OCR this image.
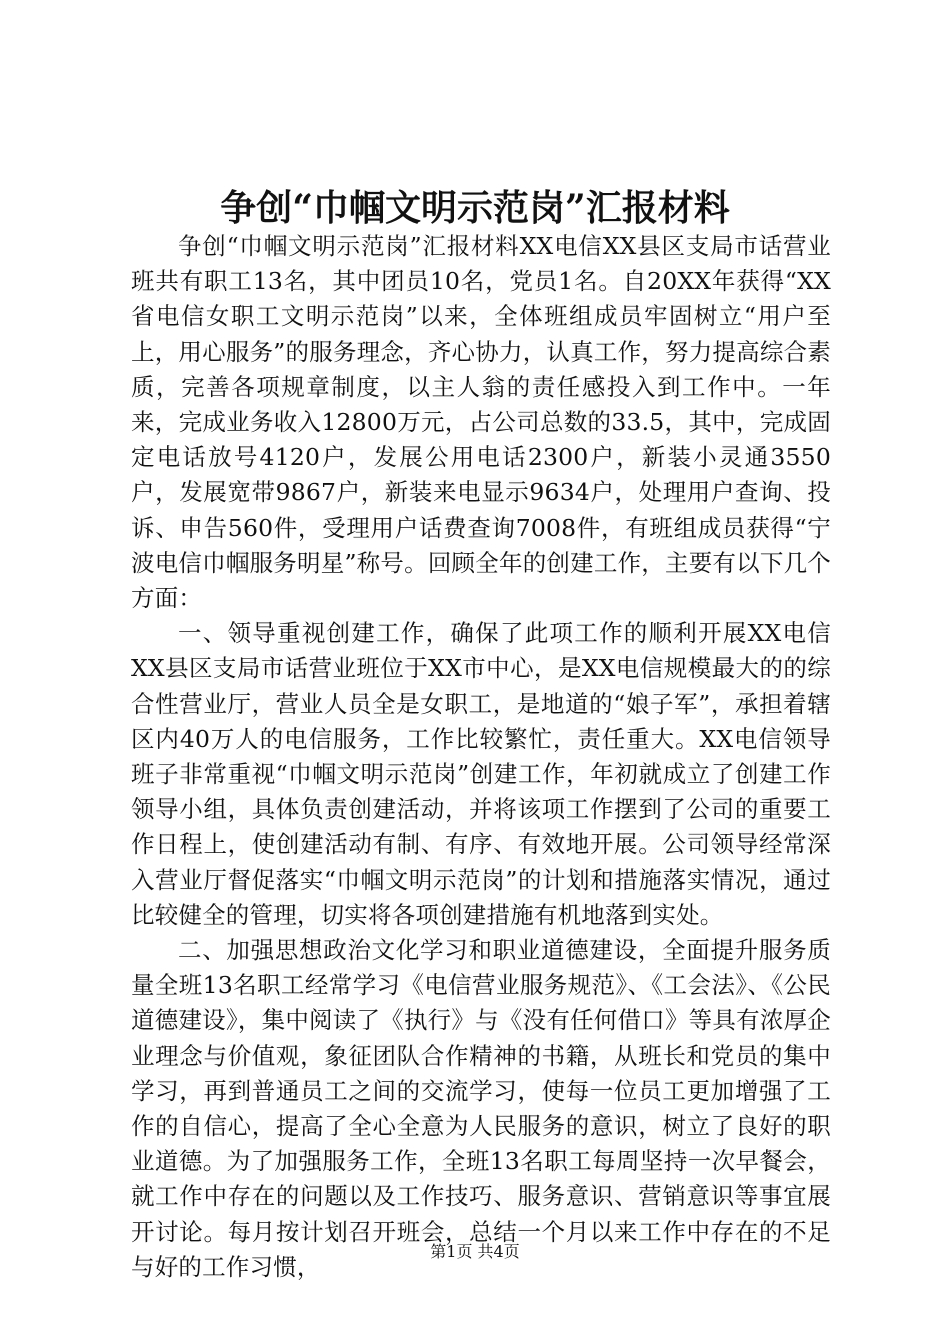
争创“巾帼文明示范岗”汇报材料

争创“巾帼文明示范岗”汇报材料XX电信XX县区支局市话营业班共有职工13名，其中团员10名，党员1名。自20XX年获得“XX省电信女职工文明示范岗”以来，全体班组成员牢固树立“用户至上，用心服务”的服务理念，齐心协力，认真工作，努力提高综合素质，完善各项规章制度，以主人翁的责任感投入到工作中。一年来，完成业务收入12800万元，占公司总数的33.5，其中，完成固定电话放号4120户，发展公用电话2300户，新装小灵通3550户，发展宽带9867户，新装来电显示9634户，处理用户查询、投诉、申告560件，受理用户话费查询7008件，有班组成员获得“宁波电信巾帼服务明星”称号。回顾全年的创建工作，主要有以下几个方面：

一、领导重视创建工作，确保了此项工作的顺利开展XX电信XX县区支局市话营业班位于XX市中心，是XX电信规模最大的的综合性营业厅，营业人员全是女职工，是地道的“娘子军”，承担着辖区内40万人的电信服务，工作比较繁忙，责任重大。XX电信领导班子非常重视“巾帼文明示范岗”创建工作，年初就成立了创建工作领导小组，具体负责创建活动，并将该项工作摆到了公司的重要工作日程上，使创建活动有制、有序、有效地开展。公司领导经常深入营业厅督促落实“巾帼文明示范岗”的计划和措施落实情况，通过比较健全的管理，切实将各项创建措施有机地落到实处。

二、加强思想政治文化学习和职业道德建设，全面提升服务质量全班13名职工经常学习《电信营业服务规范》、《工会法》、《公民道德建设》，集中阅读了《执行》与《没有任何借口》等具有浓厚企业理念与价值观，象征团队合作精神的书籍，从班长和党员的集中学习，再到普通员工之间的交流学习，使每一位员工更加增强了工作的自信心，提高了全心全意为人民服务的意识，树立了良好的职业道德。为了加强服务工作，全班13名职工每周坚持一次早餐会，就工作中存在的问题以及工作技巧、服务意识、营销意识等事宜展开讨论。每月按计划召开班会，总结一个月以来工作中存在的不足与好的工作习惯，

第1页 共4页
